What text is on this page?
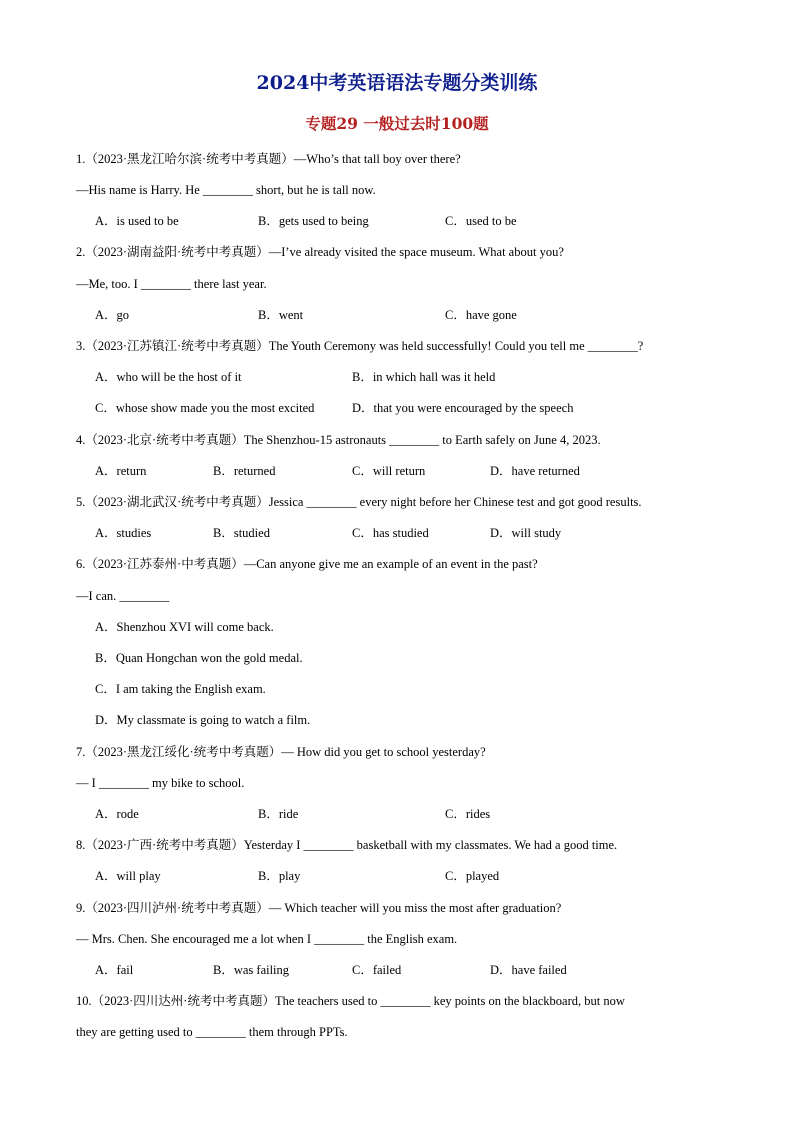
2024中考英语语法专题分类训练
专题29 一般过去时100题
1.（2023·黑龙江哈尔滨·统考中考真题）—Who’s that tall boy over there?
—His name is Harry. He ________ short, but he is tall now.
A．is used to be	B．gets used to being	C．used to be
2.（2023·湖南益阳·统考中考真题）—I’ve already visited the space museum. What about you?
—Me, too. I ________ there last year.
A．go	B．went	C．have gone
3.（2023·江苏镇江·统考中考真题）The Youth Ceremony was held successfully! Could you tell me ________?
A．who will be the host of it	B．in which hall was it held
C．whose show made you the most excited	D．that you were encouraged by the speech
4.（2023·北京·统考中考真题）The Shenzhou-15 astronauts ________ to Earth safely on June 4, 2023.
A．return	B．returned	C．will return	D．have returned
5.（2023·湖北武汉·统考中考真题）Jessica ________ every night before her Chinese test and got good results.
A．studies	B．studied	C．has studied	D．will study
6.（2023·江苏泰州·中考真题）—Can anyone give me an example of an event in the past?
—I can. ________
A．Shenzhou XVI will come back.
B．Quan Hongchan won the gold medal.
C．I am taking the English exam.
D．My classmate is going to watch a film.
7.（2023·黑龙江绥化·统考中考真题）— How did you get to school yesterday?
— I ________ my bike to school.
A．rode	B．ride	C．rides
8.（2023·广西·统考中考真题）Yesterday I ________ basketball with my classmates. We had a good time.
A．will play	B．play	C．played
9.（2023·四川泸州·统考中考真题）— Which teacher will you miss the most after graduation?
— Mrs. Chen. She encouraged me a lot when I ________ the English exam.
A．fail	B．was failing	C．failed	D．have failed
10.（2023·四川达州·统考中考真题）The teachers used to ________ key points on the blackboard, but now
they are getting used to ________ them through PPTs.
